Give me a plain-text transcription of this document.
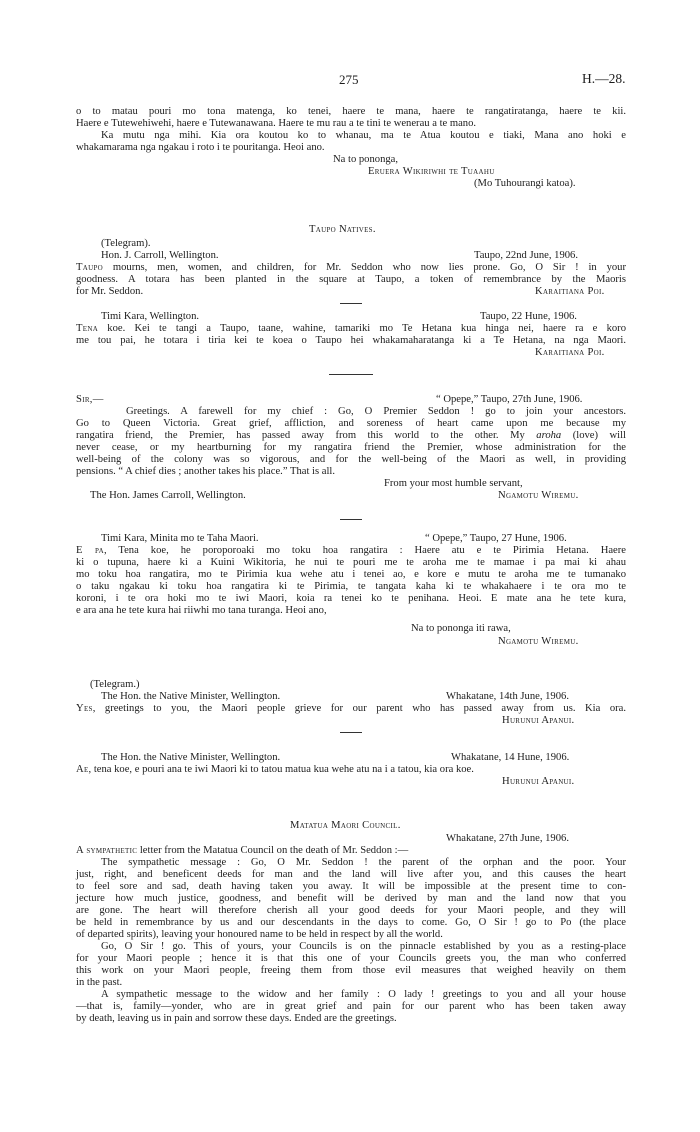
275	H.—28.
o to matau pouri mo tona matenga, ko tenei, haere te mana, haere te rangatiratanga, haere te kii.
Haere e Tutewehiwehi, haere e Tutewanawana. Haere te mu rau a te tini te wenerau a te mano.
Ka mutu nga mihi. Kia ora koutou ko to whanau, ma te Atua koutou e tiaki, Mana ano hoki e
whakamarama nga ngakau i roto i te pouritanga. Heoi ano.
Na to pononga,
Eruera Wikiriwhi te Tuaahu
(Mo Tuhourangi katoa).
Taupo Natives.
(Telegram).
Hon. J. Carroll, Wellington.	Taupo, 22nd June, 1906.
Taupo mourns, men, women, and children, for Mr. Seddon who now lies prone. Go, O Sir ! in your
goodness. A totara has been planted in the square at Taupo, a token of remembrance by the Maoris
for Mr. Seddon.	Karaitiana Poi.
Timi Kara, Wellington.	Taupo, 22 Hune, 1906.
Tena koe. Kei te tangi a Taupo, taane, wahine, tamariki mo Te Hetana kua hinga nei, haere ra e koro
me tou pai, he totara i tiria kei te koea o Taupo hei whakamaharatanga ki a Te Hetana, na nga Maori.
Karaitiana Poi.
Sir,—	“ Opepe,” Taupo, 27th June, 1906.
Greetings. A farewell for my chief : Go, O Premier Seddon ! go to join your ancestors.
Go to Queen Victoria. Great grief, affliction, and soreness of heart came upon me because my
rangatira friend, the Premier, has passed away from this world to the other. My aroha (love) will
never cease, or my heartburning for my rangatira friend the Premier, whose administration for the
well-being of the colony was so vigorous, and for the well-being of the Maori as well, in providing
pensions. “ A chief dies ; another takes his place.” That is all.
From your most humble servant,
The Hon. James Carroll, Wellington.	Ngamotu Wiremu.
Timi Kara, Minita mo te Taha Maori.	“ Opepe,” Taupo, 27 Hune, 1906.
E pa, Tena koe, he poroporoaki mo toku hoa rangatira : Haere atu e te Pirimia Hetana. Haere
ki o tupuna, haere ki a Kuini Wikitoria, he nui te pouri me te aroha me te mamae i pa mai ki ahau
mo toku hoa rangatira, mo te Pirimia kua wehe atu i tenei ao, e kore e mutu te aroha me te tumanako
o taku ngakau ki toku hoa rangatira ki te Pirimia, te tangata kaha ki te whakahaere i te ora mo te
koroni, i te ora hoki mo te iwi Maori, koia ra tenei ko te penihana. Heoi. E mate ana he tete kura,
e ara ana he tete kura hai riiwhi mo tana turanga. Heoi ano,
Na to pononga iti rawa,
Ngamotu Wiremu.
(Telegram.)
The Hon. the Native Minister, Wellington.	Whakatane, 14th June, 1906.
Yes, greetings to you, the Maori people grieve for our parent who has passed away from us. Kia ora.
Hurunui Apanui.
The Hon. the Native Minister, Wellington.	Whakatane, 14 Hune, 1906.
Ae, tena koe, e pouri ana te iwi Maori ki to tatou matua kua wehe atu na i a tatou, kia ora koe.
Hurunui Apanui.
Matatua Maori Council.
Whakatane, 27th June, 1906.
A sympathetic letter from the Matatua Council on the death of Mr. Seddon :—
The sympathetic message : Go, O Mr. Seddon ! the parent of the orphan and the poor. Your
just, right, and beneficent deeds for man and the land will live after you, and this causes the heart
to feel sore and sad, death having taken you away. It will be impossible at the present time to con-
jecture how much justice, goodness, and benefit will be derived by man and the land now that you
are gone. The heart will therefore cherish all your good deeds for your Maori people, and they will
be held in remembrance by us and our descendants in the days to come. Go, O Sir ! go to Po (the place
of departed spirits), leaving your honoured name to be held in respect by all the world.
Go, O Sir ! go. This of yours, your Councils is on the pinnacle established by you as a resting-place
for your Maori people ; hence it is that this one of your Councils greets you, the man who conferred
this work on your Maori people, freeing them from those evil measures that weighed heavily on them
in the past.
A sympathetic message to the widow and her family : O lady ! greetings to you and all your house
—that is, family—yonder, who are in great grief and pain for our parent who has been taken away
by death, leaving us in pain and sorrow these days. Ended are the greetings.
